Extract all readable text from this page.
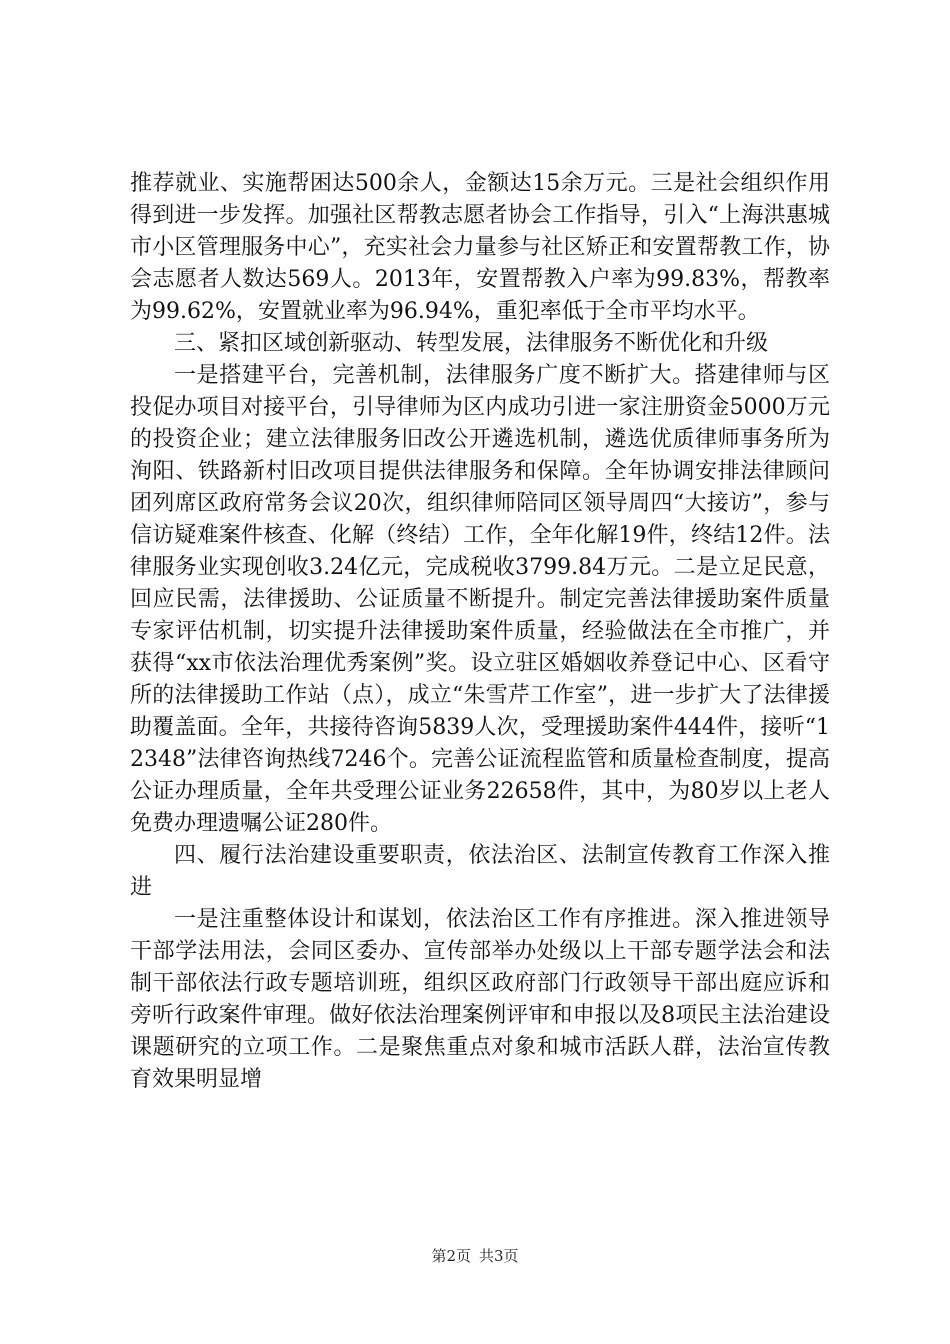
推荐就业、实施帮困达500余人，金额达15余万元。三是社会组织作用得到进一步发挥。加强社区帮教志愿者协会工作指导，引入“上海洪惠城市小区管理服务中心”，充实社会力量参与社区矫正和安置帮教工作，协会志愿者人数达569人。2013年，安置帮教入户率为99.83%，帮教率为99.62%，安置就业率为96.94%，重犯率低于全市平均水平。

三、紧扣区域创新驱动、转型发展，法律服务不断优化和升级

一是搭建平台，完善机制，法律服务广度不断扩大。搭建律师与区投促办项目对接平台，引导律师为区内成功引进一家注册资金5000万元的投资企业；建立法律服务旧改公开遴选机制，遴选优质律师事务所为洵阳、铁路新村旧改项目提供法律服务和保障。全年协调安排法律顾问团列席区政府常务会议20次，组织律师陪同区领导周四“大接访”，参与信访疑难案件核查、化解（终结）工作，全年化解19件，终结12件。法律服务业实现创收3.24亿元，完成税收3799.84万元。二是立足民意，回应民需，法律援助、公证质量不断提升。制定完善法律援助案件质量专家评估机制，切实提升法律援助案件质量，经验做法在全市推广，并获得“xx市依法治理优秀案例”奖。设立驻区婚姻收养登记中心、区看守所的法律援助工作站（点），成立“朱雪芹工作室”，进一步扩大了法律援助覆盖面。全年，共接待咨询5839人次，受理援助案件444件，接听“12348”法律咨询热线7246个。完善公证流程监管和质量检查制度，提高公证办理质量，全年共受理公证业务22658件，其中，为80岁以上老人免费办理遗嘱公证280件。

四、履行法治建设重要职责，依法治区、法制宣传教育工作深入推进

一是注重整体设计和谋划，依法治区工作有序推进。深入推进领导干部学法用法，会同区委办、宣传部举办处级以上干部专题学法会和法制干部依法行政专题培训班，组织区政府部门行政领导干部出庭应诉和旁听行政案件审理。做好依法治理案例评审和申报以及8项民主法治建设课题研究的立项工作。二是聚焦重点对象和城市活跃人群，法治宣传教育效果明显增

第2页 共3页
